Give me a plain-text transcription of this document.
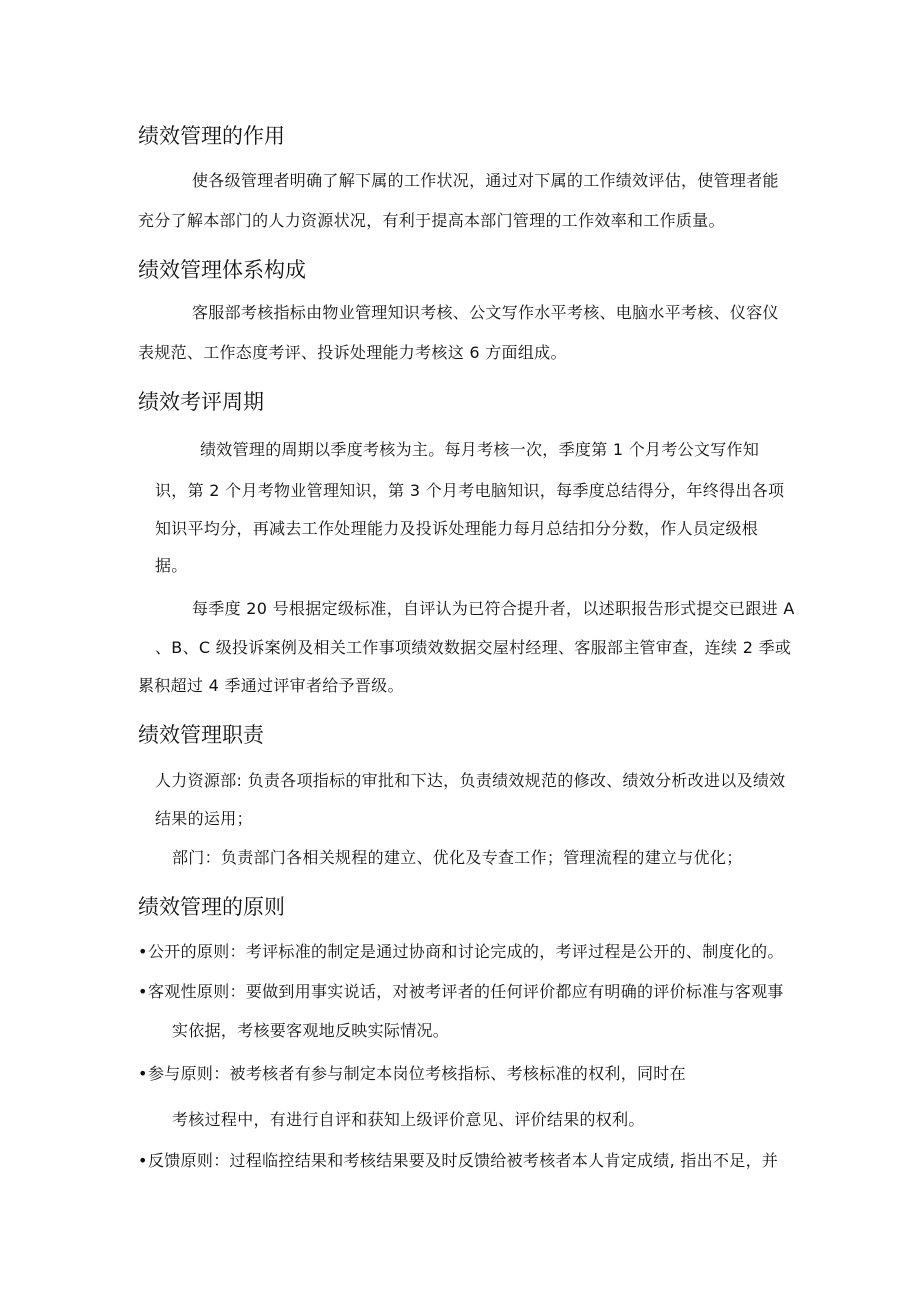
绩效管理的作用
使各级管理者明确了解下属的工作状况，通过对下属的工作绩效评估，使管理者能
充分了解本部门的人力资源状况，有利于提高本部门管理的工作效率和工作质量。
绩效管理体系构成
客服部考核指标由物业管理知识考核、公文写作水平考核、电脑水平考核、仪容仪
表规范、工作态度考评、投诉处理能力考核这 6 方面组成。
绩效考评周期
绩效管理的周期以季度考核为主。每月考核一次，季度第 1 个月考公文写作知
识，第 2 个月考物业管理知识，第 3 个月考电脑知识，每季度总结得分，年终得出各项
知识平均分，再减去工作处理能力及投诉处理能力每月总结扣分分数，作人员定级根
据。
每季度 20 号根据定级标准，自评认为已符合提升者，以述职报告形式提交已跟进 A
、B、C 级投诉案例及相关工作事项绩效数据交屋村经理、客服部主管审查，连续 2 季或
累积超过 4 季通过评审者给予晋级。
绩效管理职责
人力资源部: 负责各项指标的审批和下达，负责绩效规范的修改、绩效分析改进以及绩效
结果的运用；
部门：负责部门各相关规程的建立、优化及专查工作；管理流程的建立与优化；
绩效管理的原则
•公开的原则：考评标准的制定是通过协商和讨论完成的，考评过程是公开的、制度化的。
•客观性原则：要做到用事实说话，对被考评者的任何评价都应有明确的评价标准与客观事
实依据，考核要客观地反映实际情况。
•参与原则：被考核者有参与制定本岗位考核指标、考核标准的权利，同时在
考核过程中，有进行自评和获知上级评价意见、评价结果的权利。
•反馈原则：过程临控结果和考核结果要及时反馈给被考核者本人肯定成绩, 指出不足，并
